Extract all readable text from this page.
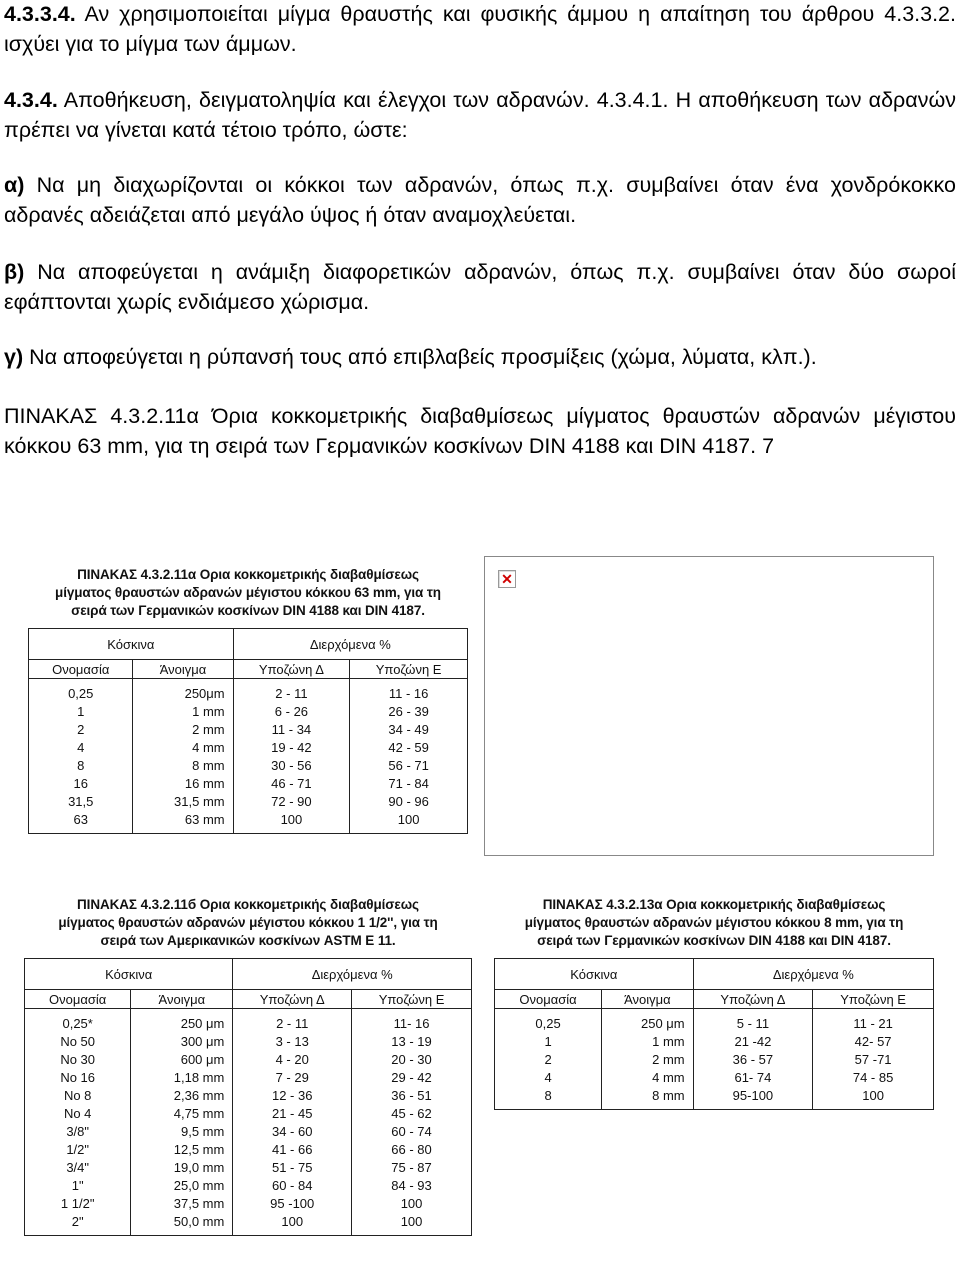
4.3.3.4. Αν χρησιμοποιείται μίγμα θραυστής και φυσικής άμμου η απαίτηση του άρθρου 4.3.3.2. ισχύει για το μίγμα των άμμων.

4.3.4. Αποθήκευση, δειγματοληψία και έλεγχοι των αδρανών. 4.3.4.1. Η αποθήκευση των αδρανών πρέπει να γίνεται κατά τέτοιο τρόπο, ώστε:

α) Να μη διαχωρίζονται οι κόκκοι των αδρανών, όπως π.χ. συμβαίνει όταν ένα χονδρόκοκκο αδρανές αδειάζεται από μεγάλο ύψος ή όταν αναμοχλεύεται.

β) Να αποφεύγεται η ανάμιξη διαφορετικών αδρανών, όπως π.χ. συμβαίνει όταν δύο σωροί εφάπτονται χωρίς ενδιάμεσο χώρισμα.

γ) Να αποφεύγεται η ρύπανσή τους από επιβλαβείς προσμίξεις (χώμα, λύματα, κλπ.).

ΠΙΝΑΚΑΣ 4.3.2.11α Όρια κοκκομετρικής διαβαθμίσεως μίγματος θραυστών αδρανών μέγιστου κόκκου 63 mm, για τη σειρά των Γερμανικών κοσκίνων DIN 4188 και DIN 4187. 7

ΠΙΝΑΚΑΣ 4.3.2.11α Ορια κοκκομετρικής διαβαθμίσεως
μίγματος θραυστών αδρανών μέγιστου κόκκου 63 mm, για τη
σειρά των Γερμανικών κοσκίνων DIN 4188 και DIN 4187.
Κόσκινα		Διερχόμενα %	
Ονομασία	Άνοιγμα	Υποζώνη Δ	Υποζώνη Ε
0,25	250μm	2 - 11	11 - 16
1	1 mm	6 - 26	26 - 39
2	2 mm	11 - 34	34 - 49
4	4 mm	19 - 42	42 - 59
8	8 mm	30 - 56	56 - 71
16	16 mm	46 - 71	71 - 84
31,5	31,5 mm	72 - 90	90 - 96
63	63 mm	100	100
✕
ΠΙΝΑΚΑΣ 4.3.2.11б Ορια κοκκομετρικής διαβαθμίσεως
μίγματος θραυστών αδρανών μέγιστου κόκκου 1 1/2'', για τη
σειρά των Αμερικανικών κοσκίνων ASTM E 11.
Κόσκινα		Διερχόμενα %	
Ονομασία	Άνοιγμα	Υποζώνη Δ	Υποζώνη Ε
0,25*	250 μm	2 - 11	11- 16
No 50	300 μm	3 - 13	13 - 19
No 30	600 μm	4 - 20	20 - 30
No 16	1,18 mm	7 - 29	29 - 42
No 8	2,36 mm	12 - 36	36 - 51
No 4	4,75 mm	21 - 45	45 - 62
3/8"	9,5 mm	34 - 60	60 - 74
1/2"	12,5 mm	41 - 66	66 - 80
3/4"	19,0 mm	51 - 75	75 - 87
1"	25,0 mm	60 - 84	84 - 93
1 1/2"	37,5 mm	95 -100	100
2"	50,0 mm	100	100
ΠΙΝΑΚΑΣ 4.3.2.13α Ορια κοκκομετρικής διαβαθμίσεως
μίγματος θραυστών αδρανών μέγιστου κόκκου 8 mm, για τη
σειρά των Γερμανικών κοσκίνων DIN 4188 και DIN 4187.
Κόσκινα		Διερχόμενα %	
Ονομασία	Άνοιγμα	Υποζώνη Δ	Υποζώνη Ε
0,25	250 μm	5 - 11	11 - 21
1	1 mm	21 -42	42- 57
2	2 mm	36 - 57	57 -71
4	4 mm	61- 74	74 - 85
8	8 mm	95-100	100
